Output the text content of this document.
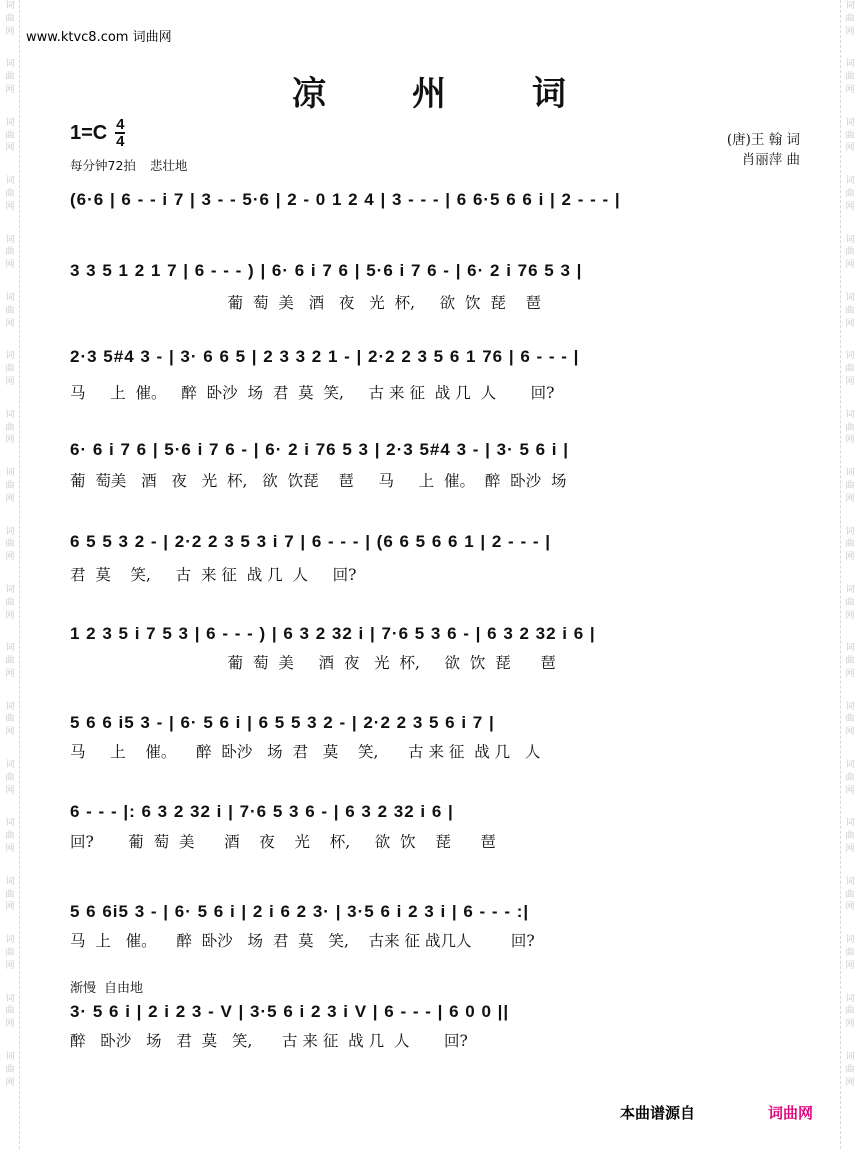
词
曲
网
词
曲
网
词
曲
网
词
曲
网
词
曲
网
词
曲
网
词
曲
网
词
曲
网
词
曲
网
词
曲
网
词
曲
网
词
曲
网
词
曲
网
词
曲
网
词
曲
网
词
曲
网
词
曲
网
词
曲
网
词
曲
网
词
曲
网
词
曲
网
词
曲
网
词
曲
网
词
曲
网
词
曲
网
词
曲
网
词
曲
网
词
曲
网
词
曲
网
词
曲
网
词
曲
网
词
曲
网
词
曲
网
词
曲
网
词
曲
网
词
曲
网
词
曲
网
词
曲
网
www.ktvc8.com 词曲网
凉 州 词
1=C 4
4
每分钟72拍 悲壮地
(唐)王 翰 词
肖丽萍 曲
(6·6 | 6 - - i 7 | 3 - - 5·6 | 2 - 0 1 2 4 | 3 - - - | 6 6·5 6 6 i | 2 - - - |
3 3 5 1 2 1 7 | 6 - - - ) | 6· 6 i 7 6 | 5·6 i 7 6 - | 6· 2 i 76 5 3 |
葡  萄  美   酒   夜   光  杯,     欲  饮  琵    琶
2·3 5#4 3 - | 3· 6 6 5 | 2 3 3 2 1 - | 2·2 2 3 5 6 1 76 | 6 - - - |
马     上  催。   醉  卧沙  场  君  莫  笑,     古 来 征  战 几  人       回?
6· 6 i 7 6 | 5·6 i 7 6 - | 6· 2 i 76 5 3 | 2·3 5#4 3 - | 3· 5 6 i |
葡  萄美   酒   夜   光  杯,   欲  饮琵    琶     马     上  催。  醉  卧沙  场
6 5 5 3 2 - | 2·2 2 3 5 3 i 7 | 6 - - - | (6 6 5 6 6 1 | 2 - - - |
君  莫    笑,     古  来 征  战 几  人     回?
1 2 3 5 i 7 5 3 | 6 - - - ) | 6 3 2 32 i | 7·6 5 3 6 - | 6 3 2 32 i 6 |
葡  萄  美     酒  夜   光  杯,     欲  饮  琵      琶
5 6 6 i5 3 - | 6· 5 6 i | 6 5 5 3 2 - | 2·2 2 3 5 6 i 7 |
马     上    催。    醉  卧沙   场  君   莫    笑,      古 来 征  战 几   人
6 - - - |: 6 3 2 32 i | 7·6 5 3 6 - | 6 3 2 32 i 6 |
回?       葡  萄  美      酒    夜    光    杯,     欲  饮    琵      琶
5 6 6i5 3 - | 6· 5 6 i | 2 i 6 2 3· | 3·5 6 i 2 3 i | 6 - - - :|
马  上   催。    醉  卧沙   场  君  莫   笑,    古来 征 战几人        回?
渐慢 自由地
3· 5 6 i | 2 i 2 3 - V | 3·5 6 i 2 3 i V | 6 - - - | 6 0 0 ||
醉   卧沙   场   君  莫   笑,      古 来 征  战 几  人       回?
本曲谱源自	词曲网
